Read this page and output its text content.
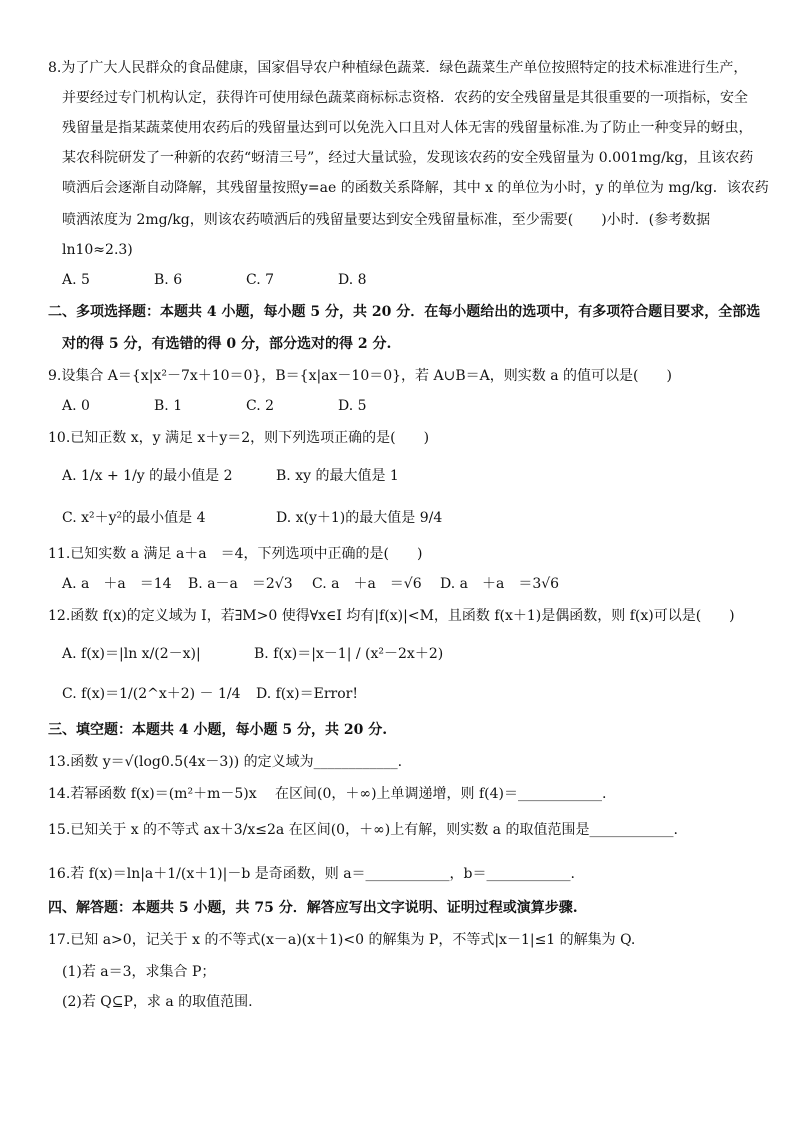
8.为了广大人民群众的食品健康，国家倡导农户种植绿色蔬菜．绿色蔬菜生产单位按照特定的技术标准进行生产，
并要经过专门机构认定，获得许可使用绿色蔬菜商标标志资格．农药的安全残留量是其很重要的一项指标，安全
残留量是指某蔬菜使用农药后的残留量达到可以免洗入口且对人体无害的残留量标准.为了防止一种变异的蚜虫，
某农科院研发了一种新的农药“蚜清三号”，经过大量试验，发现该农药的安全残留量为 0.001mg/kg，且该农药
喷洒后会逐渐自动降解，其残留量按照y=ae 的函数关系降解，其中 x 的单位为小时，y 的单位为 mg/kg．该农药
喷洒浓度为 2mg/kg，则该农药喷洒后的残留量要达到安全残留量标准，至少需要(　　)小时．(参考数据
ln10≈2.3)
A. 5	B. 6	C. 7	D. 8
二、多项选择题：本题共 4 小题，每小题 5 分，共 20 分．在每小题给出的选项中，有多项符合题目要求，全部选
对的得 5 分，有选错的得 0 分，部分选对的得 2 分.
9.设集合 A＝{x|x²－7x＋10＝0}，B＝{x|ax－10＝0}，若 A∪B＝A，则实数 a 的值可以是(　　)
A. 0	B. 1	C. 2	D. 5
10.已知正数 x，y 满足 x＋y＝2，则下列选项正确的是(　　)
A. 1/x + 1/y 的最小值是 2	B. xy 的最大值是 1
C. x²＋y²的最小值是 4	D. x(y＋1)的最大值是 9/4
11.已知实数 a 满足 a＋a　＝4，下列选项中正确的是(　　)
A. a　＋a　＝14 B. a－a　＝2√3 C. a　＋a　＝√6 D. a　＋a　＝3√6
12.函数 f(x)的定义域为 I，若∃M>0 使得∀x∈I 均有|f(x)|<M，且函数 f(x＋1)是偶函数，则 f(x)可以是(　　)
A. f(x)＝|ln x/(2－x)|	B. f(x)＝|x－1| / (x²－2x＋2)
C. f(x)＝1/(2^x＋2) － 1/4 D. f(x)＝Error!
三、填空题：本题共 4 小题，每小题 5 分，共 20 分.
13.函数 y＝√(log0.5(4x－3)) 的定义域为____________.
14.若幂函数 f(x)＝(m²＋m－5)x　 在区间(0，＋∞)上单调递增，则 f(4)＝____________.
15.已知关于 x 的不等式 ax＋3/x≤2a 在区间(0，＋∞)上有解，则实数 a 的取值范围是____________.
16.若 f(x)＝ln|a＋1/(x＋1)|－b 是奇函数，则 a＝____________，b＝____________.
四、解答题：本题共 5 小题，共 75 分．解答应写出文字说明、证明过程或演算步骤.
17.已知 a>0，记关于 x 的不等式(x－a)(x＋1)<0 的解集为 P，不等式|x－1|≤1 的解集为 Q.
(1)若 a＝3，求集合 P；
(2)若 Q⊆P，求 a 的取值范围.
